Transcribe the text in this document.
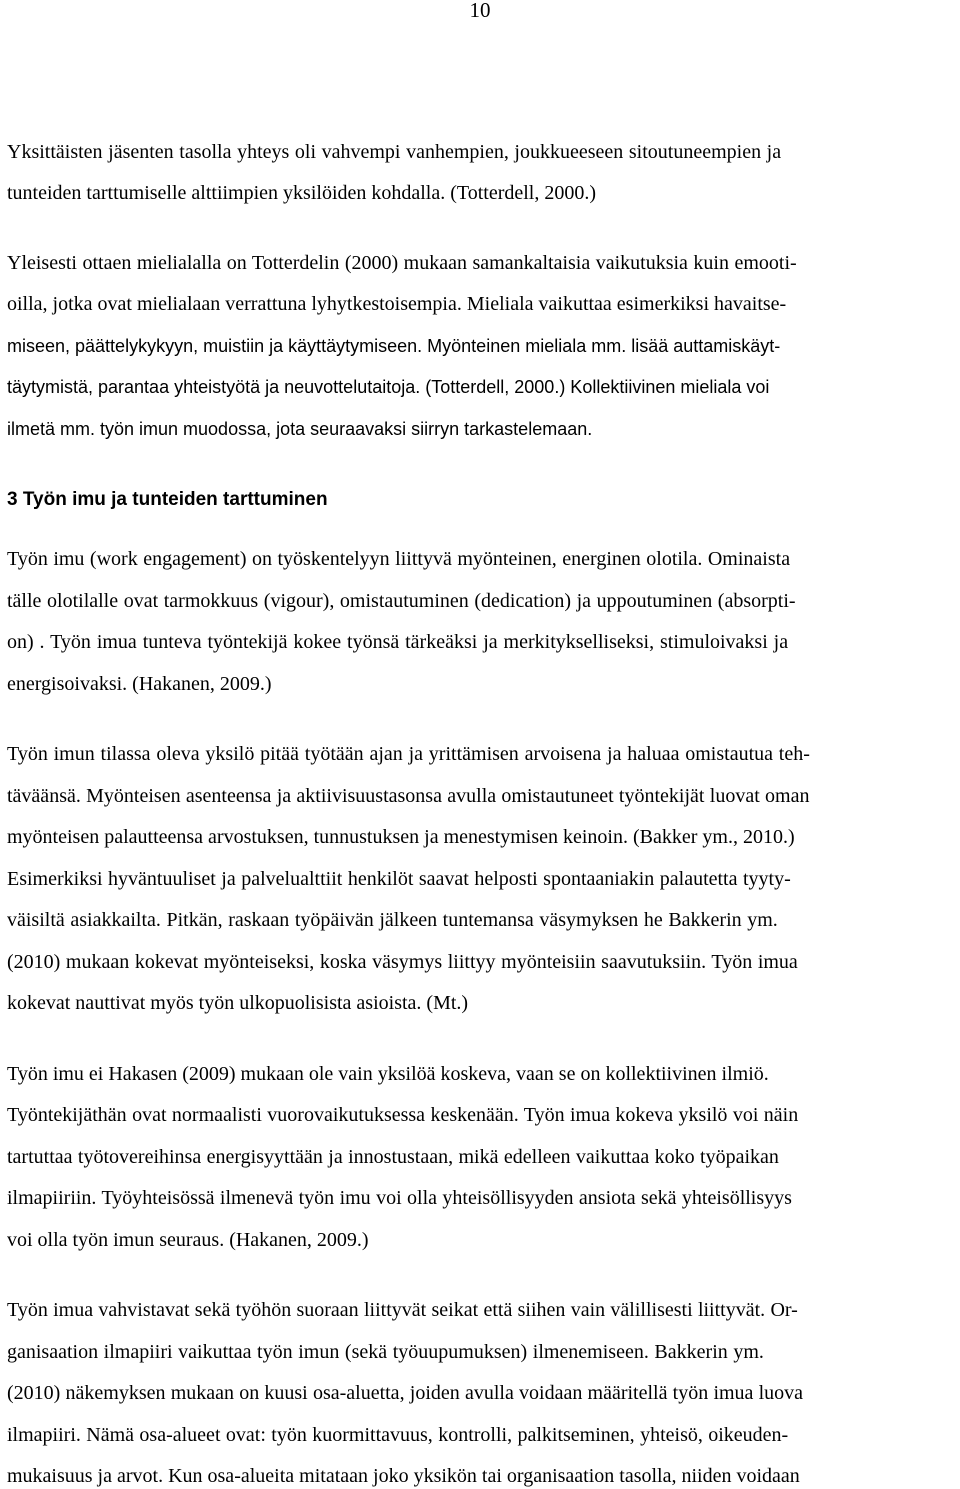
10
Yksittäisten jäsenten tasolla yhteys oli vahvempi vanhempien, joukkueeseen sitoutuneempien ja
tunteiden tarttumiselle alttiimpien yksilöiden kohdalla. (Totterdell, 2000.)
Yleisesti ottaen mielialalla on Totterdelin (2000) mukaan samankaltaisia vaikutuksia kuin emooti-
oilla, jotka ovat mielialaan verrattuna lyhytkestoisempia. Mieliala vaikuttaa esimerkiksi havaitse-
miseen, päättelykykyyn, muistiin ja käyttäytymiseen. Myönteinen mieliala mm. lisää auttamiskäyt-
täytymistä, parantaa yhteistyötä ja neuvottelutaitoja. (Totterdell, 2000.) Kollektiivinen mieliala voi
ilmetä mm. työn imun muodossa, jota seuraavaksi siirryn tarkastelemaan.
3 Työn imu ja tunteiden tarttuminen
Työn imu (work engagement) on työskentelyyn liittyvä myönteinen, energinen olotila. Ominaista
tälle olotilalle ovat tarmokkuus (vigour), omistautuminen (dedication) ja uppoutuminen (absorpti-
on) . Työn imua tunteva työntekijä kokee työnsä tärkeäksi ja merkitykselliseksi, stimuloivaksi ja
energisoivaksi. (Hakanen, 2009.)
Työn imun tilassa oleva yksilö pitää työtään ajan ja yrittämisen arvoisena ja haluaa omistautua teh-
täväänsä. Myönteisen asenteensa ja aktiivisuustasonsa avulla omistautuneet työntekijät luovat oman
myönteisen palautteensa arvostuksen, tunnustuksen ja menestymisen keinoin. (Bakker ym., 2010.)
Esimerkiksi hyväntuuliset ja palvelualttiit henkilöt saavat helposti spontaaniakin palautetta tyyty-
väisiltä asiakkailta. Pitkän, raskaan työpäivän jälkeen tuntemansa väsymyksen he Bakkerin ym.
(2010) mukaan kokevat myönteiseksi, koska väsymys liittyy myönteisiin saavutuksiin. Työn imua
kokevat nauttivat myös työn ulkopuolisista asioista. (Mt.)
Työn imu ei Hakasen (2009) mukaan ole vain yksilöä koskeva, vaan se on kollektiivinen ilmiö.
Työntekijäthän ovat normaalisti vuorovaikutuksessa keskenään. Työn imua kokeva yksilö voi näin
tartuttaa työtovereihinsa energisyyttään ja innostustaan, mikä edelleen vaikuttaa koko työpaikan
ilmapiiriin. Työyhteisössä ilmenevä työn imu voi olla yhteisöllisyyden ansiota sekä yhteisöllisyys
voi olla työn imun seuraus. (Hakanen, 2009.)
Työn imua vahvistavat sekä työhön suoraan liittyvät seikat että siihen vain välillisesti liittyvät. Or-
ganisaation ilmapiiri vaikuttaa työn imun (sekä työuupumuksen) ilmenemiseen. Bakkerin ym.
(2010) näkemyksen mukaan on kuusi osa-aluetta, joiden avulla voidaan määritellä työn imua luova
ilmapiiri. Nämä osa-alueet ovat: työn kuormittavuus, kontrolli, palkitseminen, yhteisö, oikeuden-
mukaisuus ja arvot. Kun osa-alueita mitataan joko yksikön tai organisaation tasolla, niiden voidaan
